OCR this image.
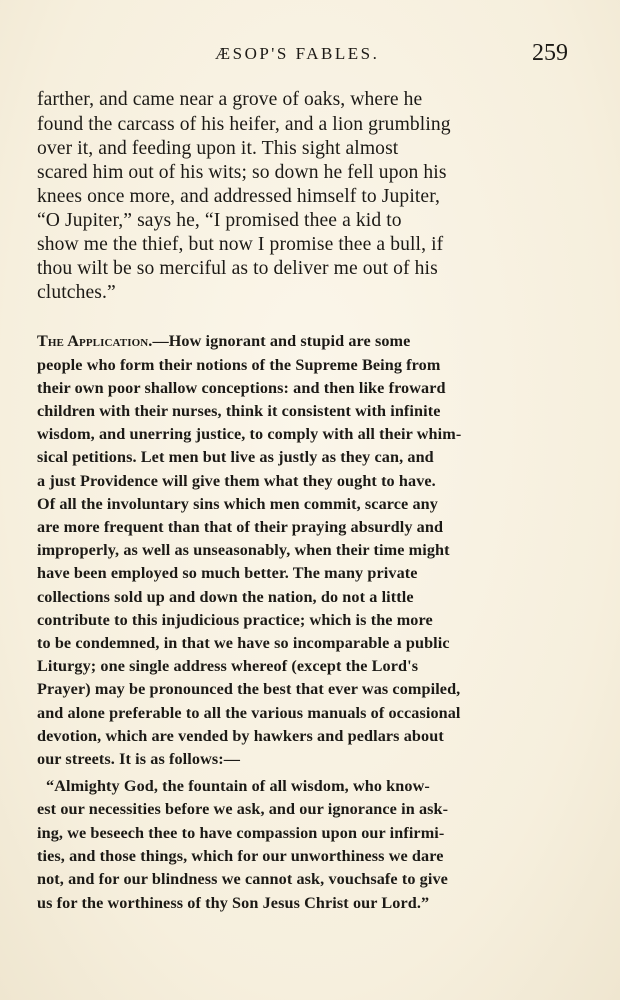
ÆSOP'S FABLES.	259
farther, and came near a grove of oaks, where he
found the carcass of his heifer, and a lion grumbling
over it, and feeding upon it. This sight almost
scared him out of his wits; so down he fell upon his
knees once more, and addressed himself to Jupiter,
“O Jupiter,” says he, “I promised thee a kid to
show me the thief, but now I promise thee a bull, if
thou wilt be so merciful as to deliver me out of his
clutches.”
The Application.—How ignorant and stupid are some
people who form their notions of the Supreme Being from
their own poor shallow conceptions: and then like froward
children with their nurses, think it consistent with infinite
wisdom, and unerring justice, to comply with all their whim-
sical petitions. Let men but live as justly as they can, and
a just Providence will give them what they ought to have.
Of all the involuntary sins which men commit, scarce any
are more frequent than that of their praying absurdly and
improperly, as well as unseasonably, when their time might
have been employed so much better. The many private
collections sold up and down the nation, do not a little
contribute to this injudicious practice; which is the more
to be condemned, in that we have so incomparable a public
Liturgy; one single address whereof (except the Lord's
Prayer) may be pronounced the best that ever was compiled,
and alone preferable to all the various manuals of occasional
devotion, which are vended by hawkers and pedlars about
our streets. It is as follows:—
“Almighty God, the fountain of all wisdom, who know-
est our necessities before we ask, and our ignorance in ask-
ing, we beseech thee to have compassion upon our infirmi-
ties, and those things, which for our unworthiness we dare
not, and for our blindness we cannot ask, vouchsafe to give
us for the worthiness of thy Son Jesus Christ our Lord.”
